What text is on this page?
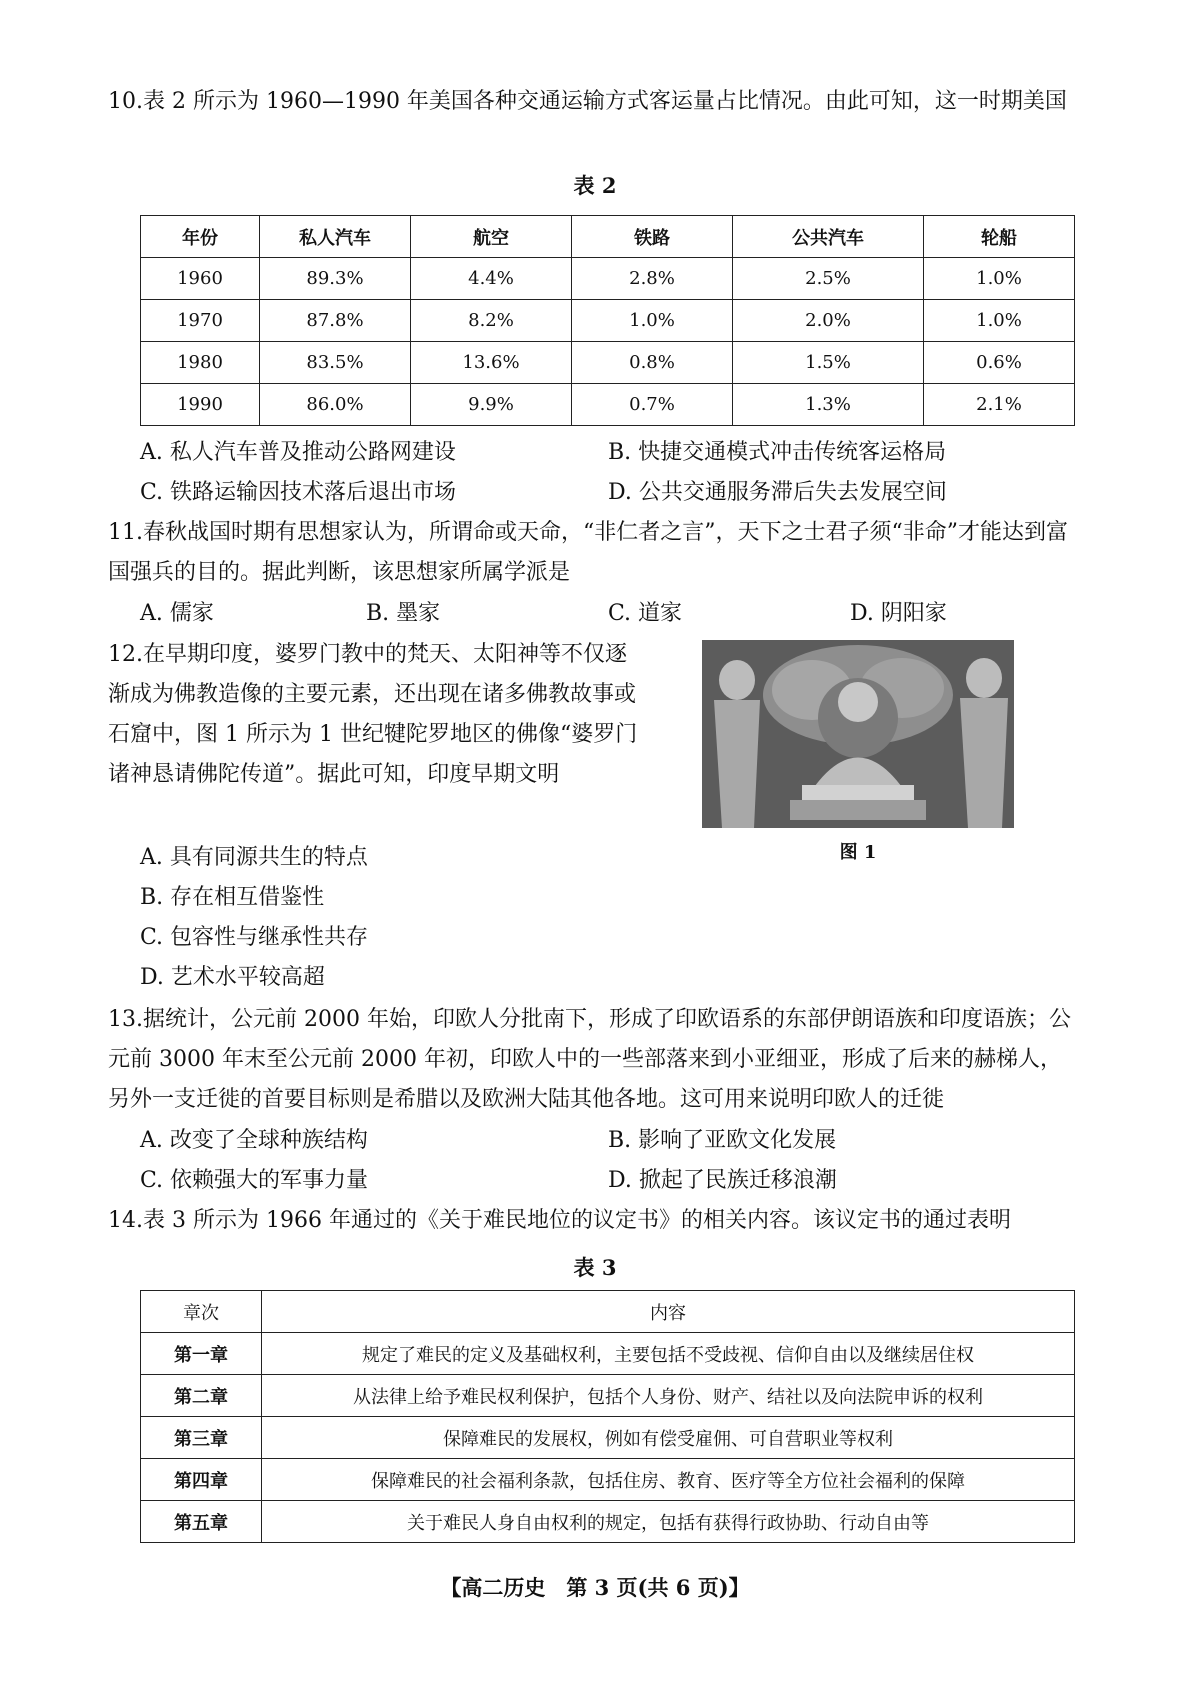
10.表 2 所示为 1960—1990 年美国各种交通运输方式客运量占比情况。由此可知，这一时期美国

表 2
年份	私人汽车	航空	铁路	公共汽车	轮船
1960	89.3%	4.4%	2.8%	2.5%	1.0%
1970	87.8%	8.2%	1.0%	2.0%	1.0%
1980	83.5%	13.6%	0.8%	1.5%	0.6%
1990	86.0%	9.9%	0.7%	1.3%	2.1%
A. 私人汽车普及推动公路网建设	B. 快捷交通模式冲击传统客运格局
C. 铁路运输因技术落后退出市场	D. 公共交通服务滞后失去发展空间

11.春秋战国时期有思想家认为，所谓命或天命，“非仁者之言”，天下之士君子须“非命”才能达到富国强兵的目的。据此判断，该思想家所属学派是

A. 儒家	B. 墨家	C. 道家	D. 阴阳家

12.在早期印度，婆罗门教中的梵天、太阳神等不仅逐渐成为佛教造像的主要元素，还出现在诸多佛教故事或石窟中，图 1 所示为 1 世纪犍陀罗地区的佛像“婆罗门诸神恳请佛陀传道”。据此可知，印度早期文明

图 1
A. 具有同源共生的特点
B. 存在相互借鉴性
C. 包容性与继承性共存
D. 艺术水平较高超

13.据统计，公元前 2000 年始，印欧人分批南下，形成了印欧语系的东部伊朗语族和印度语族；公元前 3000 年末至公元前 2000 年初，印欧人中的一些部落来到小亚细亚，形成了后来的赫梯人，另外一支迁徙的首要目标则是希腊以及欧洲大陆其他各地。这可用来说明印欧人的迁徙

A. 改变了全球种族结构	B. 影响了亚欧文化发展
C. 依赖强大的军事力量	D. 掀起了民族迁移浪潮

14.表 3 所示为 1966 年通过的《关于难民地位的议定书》的相关内容。该议定书的通过表明

表 3
章次	内容
第一章	规定了难民的定义及基础权利，主要包括不受歧视、信仰自由以及继续居住权
第二章	从法律上给予难民权利保护，包括个人身份、财产、结社以及向法院申诉的权利
第三章	保障难民的发展权，例如有偿受雇佣、可自营职业等权利
第四章	保障难民的社会福利条款，包括住房、教育、医疗等全方位社会福利的保障
第五章	关于难民人身自由权利的规定，包括有获得行政协助、行动自由等
【高二历史　第 3 页(共 6 页)】
